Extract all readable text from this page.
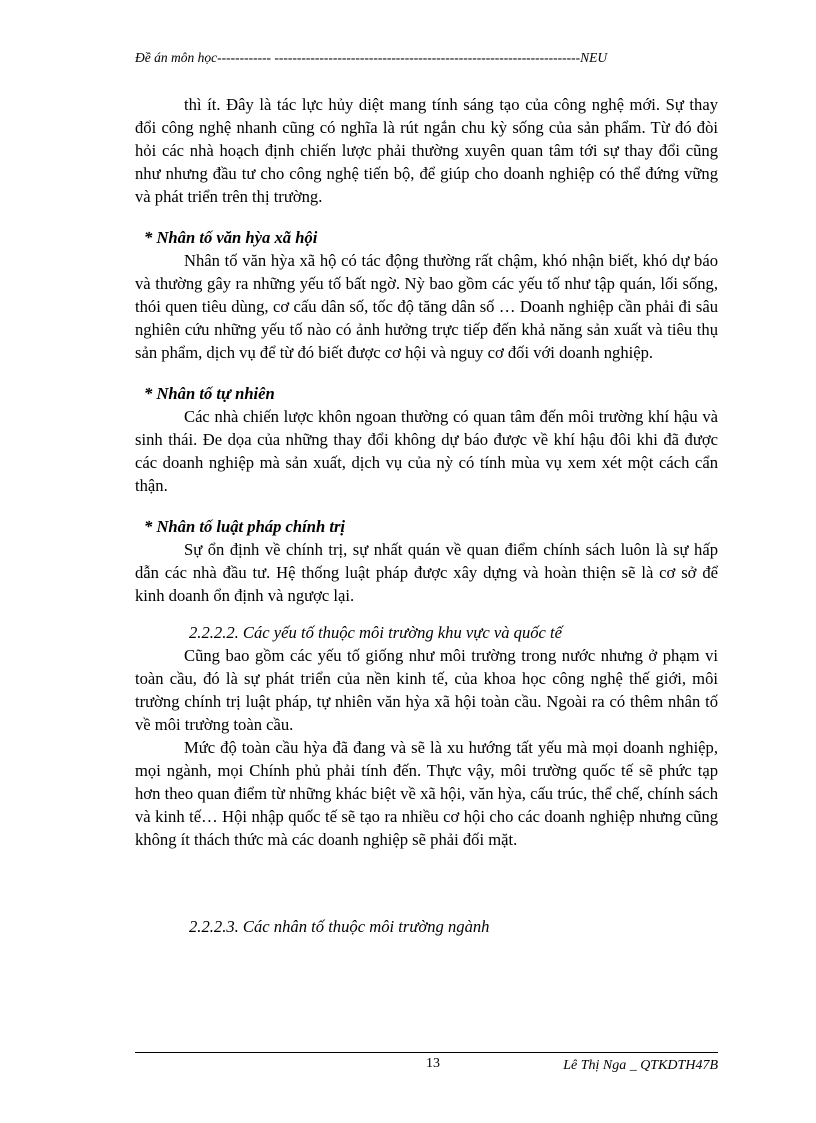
Đề án môn học------------ --------------------------------------------------------------------NEU

thì ít. Đây là tác lực hủy diệt mang tính sáng tạo của công nghệ mới. Sự thay đổi công nghệ nhanh cũng có nghĩa là rút ngắn chu kỳ sống của sản phẩm. Từ đó đòi hỏi các nhà hoạch định chiến lược phải thường xuyên quan tâm tới sự thay đổi cũng như nhưng đầu tư cho công nghệ tiến bộ, để giúp cho doanh nghiệp có thể đứng vững và phát triển trên thị trường.

* Nhân tố văn hỳa xã hội

Nhân tố văn hỳa xã hộ có tác động thường rất chậm, khó nhận biết, khó dự báo và thường gây ra những yếu tố bất ngờ. Nỳ bao gồm các yếu tố như tập quán, lối sống, thói quen tiêu dùng, cơ cấu dân số, tốc độ tăng dân số … Doanh nghiệp cần phải đi sâu nghiên cứu những yếu tố nào có ảnh hưởng trực tiếp đến khả năng sản xuất và tiêu thụ sản phẩm, dịch vụ để từ đó biết được cơ hội và nguy cơ đối với doanh nghiệp.

* Nhân tố tự nhiên

Các nhà chiến lược khôn ngoan thường có quan tâm đến môi trường khí hậu và sinh thái. Đe dọa của những thay đổi không dự báo được về khí hậu đôi khi đã được các doanh nghiệp mà sản xuất, dịch vụ của nỳ có tính mùa vụ xem xét một cách cẩn thận.

* Nhân tố luật pháp chính trị

Sự ổn định về chính trị, sự nhất quán về quan điểm chính sách luôn là sự hấp dẫn các nhà đầu tư. Hệ thống luật pháp được xây dựng và hoàn thiện sẽ là cơ sở để kinh doanh ổn định và ngược lại.

2.2.2.2. Các yếu tố thuộc môi trường khu vực và quốc tế

Cũng bao gồm các yếu tố giống như môi trường trong nước nhưng ở phạm vi toàn cầu, đó là sự phát triển của nền kinh tế, của khoa học công nghệ thế giới, môi trường chính trị luật pháp, tự nhiên văn hỳa xã hội toàn cầu. Ngoài ra có thêm nhân tố về môi trường toàn cầu.

Mức độ toàn cầu hỳa đã đang và sẽ là xu hướng tất yếu mà mọi doanh nghiệp, mọi ngành, mọi Chính phủ phải tính đến. Thực vậy, môi trường quốc tế sẽ phức tạp hơn theo quan điểm từ những khác biệt về xã hội, văn hỳa, cấu trúc, thể chế, chính sách và kinh tế… Hội nhập quốc tế sẽ tạo ra nhiều cơ hội cho các doanh nghiệp nhưng cũng không ít thách thức mà các doanh nghiệp sẽ phải đối mặt.

2.2.2.3. Các nhân tố thuộc môi trường ngành

13	Lê Thị Nga _ QTKDTH47B
